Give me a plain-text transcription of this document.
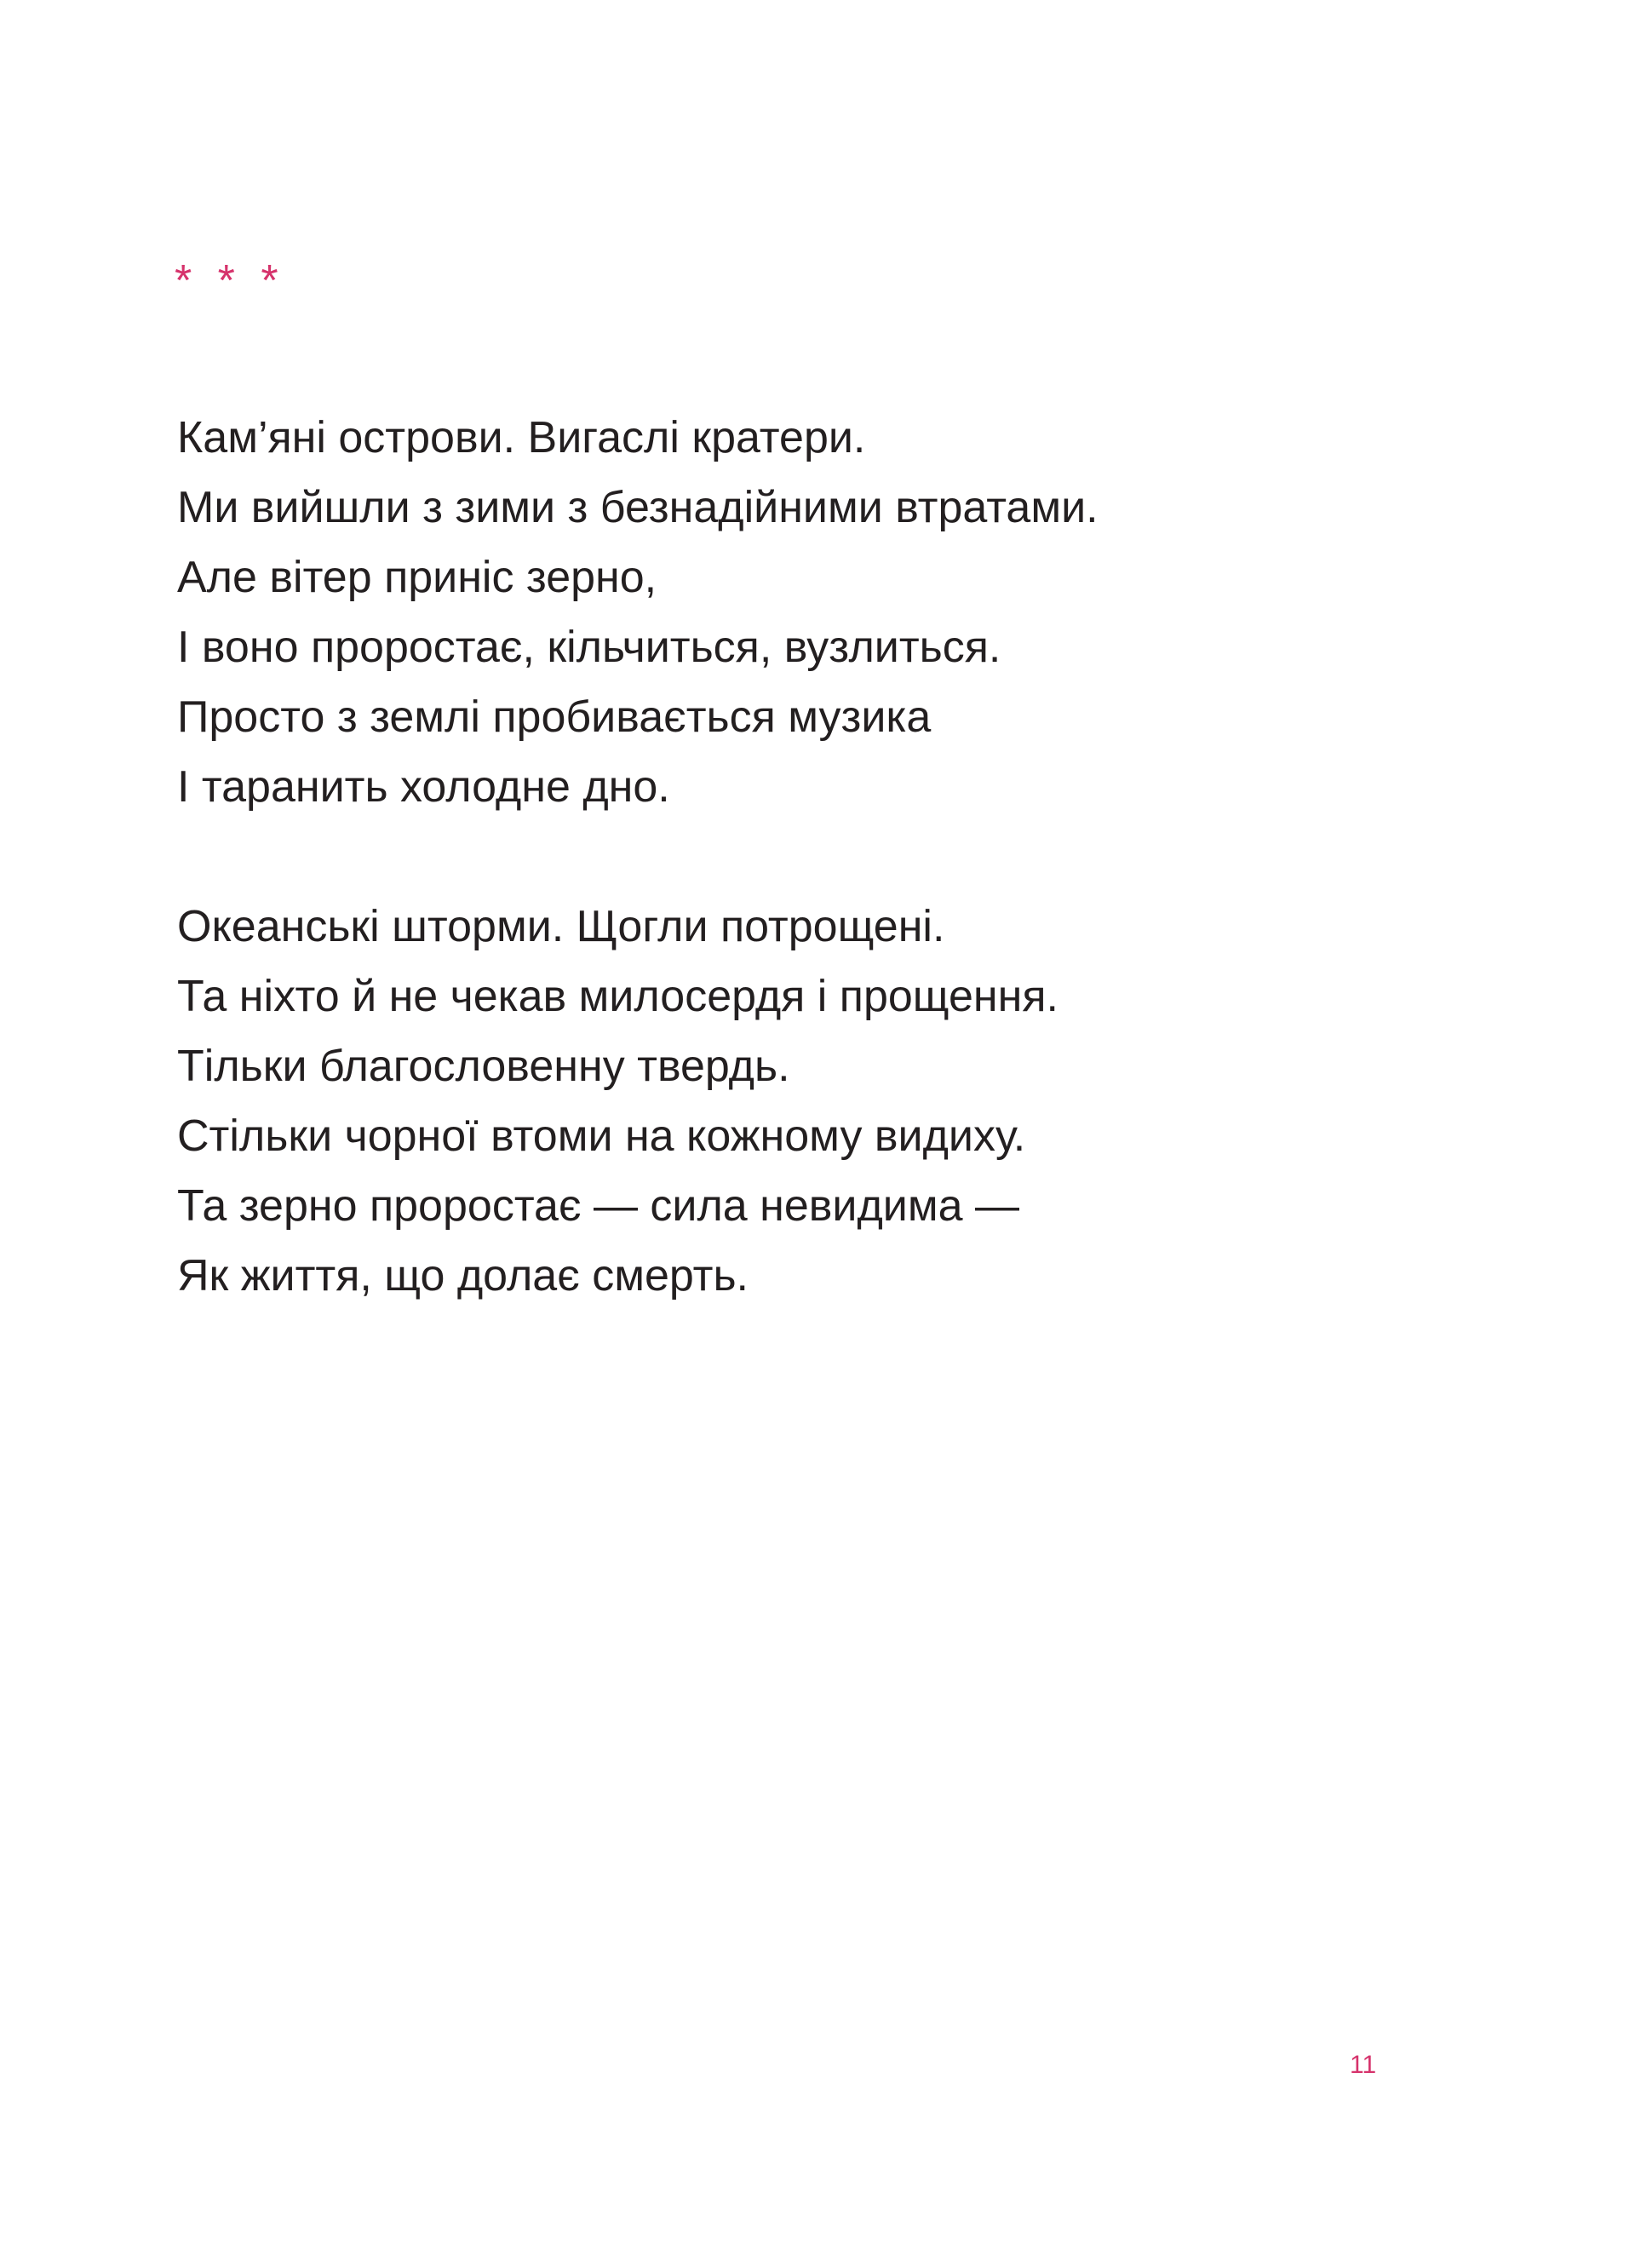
* * *
Кам’яні острови. Вигаслі кратери.
Ми вийшли з зими з безнадійними втратами.
Але вітер приніс зерно,
І воно проростає, кільчиться, вузлиться.
Просто з землі пробивається музика
І таранить холодне дно.
Океанські шторми. Щогли потрощені.
Та ніхто й не чекав милосердя і прощення.
Тільки благословенну твердь.
Стільки чорної втоми на кожному видиху.
Та зерно проростає — сила невидима —
Як життя, що долає смерть.
11
